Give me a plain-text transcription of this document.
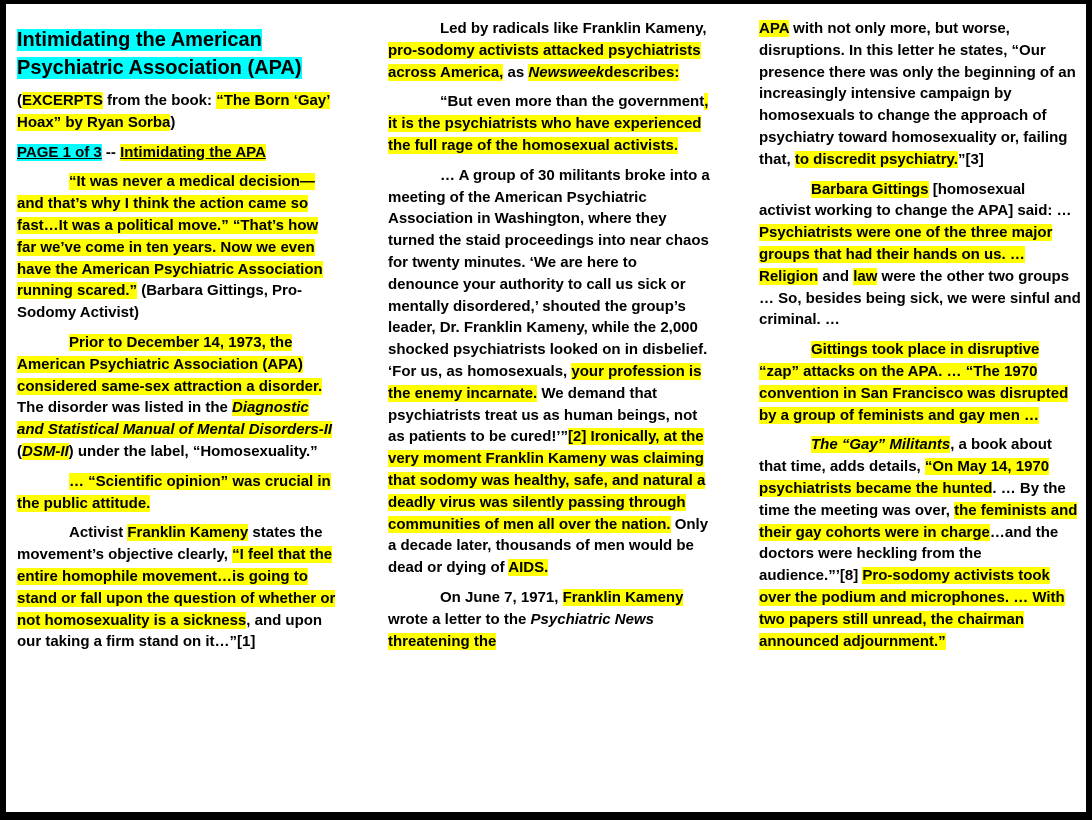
Intimidating the American Psychiatric Association (APA)

(EXCERPTS from the book: “The Born ‘Gay’ Hoax” by Ryan Sorba)

PAGE 1 of 3 -- Intimidating the APA

“It was never a medical decision—and that’s why I think the action came so fast…It was a political move.” “That’s how far we’ve come in ten years. Now we even have the American Psychiatric Association running scared.” (Barbara Gittings, Pro-Sodomy Activist)

Prior to December 14, 1973, the American Psychiatric Association (APA) considered same-sex attraction a disorder. The disorder was listed in the Diagnostic and Statistical Manual of Mental Disorders-II (DSM-II) under the label, “Homosexuality.”

… “Scientific opinion” was crucial in the public attitude.

Activist Franklin Kameny states the movement’s objective clearly, “I feel that the entire homophile movement…is going to stand or fall upon the question of whether or not homosexuality is a sickness, and upon our taking a firm stand on it…”[1]

Led by radicals like Franklin Kameny, pro-sodomy activists attacked psychiatrists across America, as Newsweekdescribes:

“But even more than the government, it is the psychiatrists who have experienced the full rage of the homosexual activists.

… A group of 30 militants broke into a meeting of the American Psychiatric Association in Washington, where they turned the staid proceedings into near chaos for twenty minutes. ‘We are here to denounce your authority to call us sick or mentally disordered,’ shouted the group’s leader, Dr. Franklin Kameny, while the 2,000 shocked psychiatrists looked on in disbelief. ‘For us, as homosexuals, your profession is the enemy incarnate. We demand that psychiatrists treat us as human beings, not as patients to be cured!’”[2] Ironically, at the very moment Franklin Kameny was claiming that sodomy was healthy, safe, and natural a deadly virus was silently passing through communities of men all over the nation. Only a decade later, thousands of men would be dead or dying of AIDS.

On June 7, 1971, Franklin Kameny wrote a letter to the Psychiatric News threatening the

APA with not only more, but worse, disruptions. In this letter he states, “Our presence there was only the beginning of an increasingly intensive campaign by homosexuals to change the approach of psychiatry toward homosexuality or, failing that, to discredit psychiatry.”[3]

Barbara Gittings [homosexual activist working to change the APA] said: … Psychiatrists were one of the three major groups that had their hands on us. … Religion and law were the other two groups … So, besides being sick, we were sinful and criminal. …

Gittings took place in disruptive “zap” attacks on the APA. … “The 1970 convention in San Francisco was disrupted by a group of feminists and gay men …

The “Gay” Militants, a book about that time, adds details, “On May 14, 1970 psychiatrists became the hunted. … By the time the meeting was over, the feminists and their gay cohorts were in charge…and the doctors were heckling from the audience.”’[8] Pro-sodomy activists took over the podium and microphones. … With two papers still unread, the chairman announced adjournment.”
